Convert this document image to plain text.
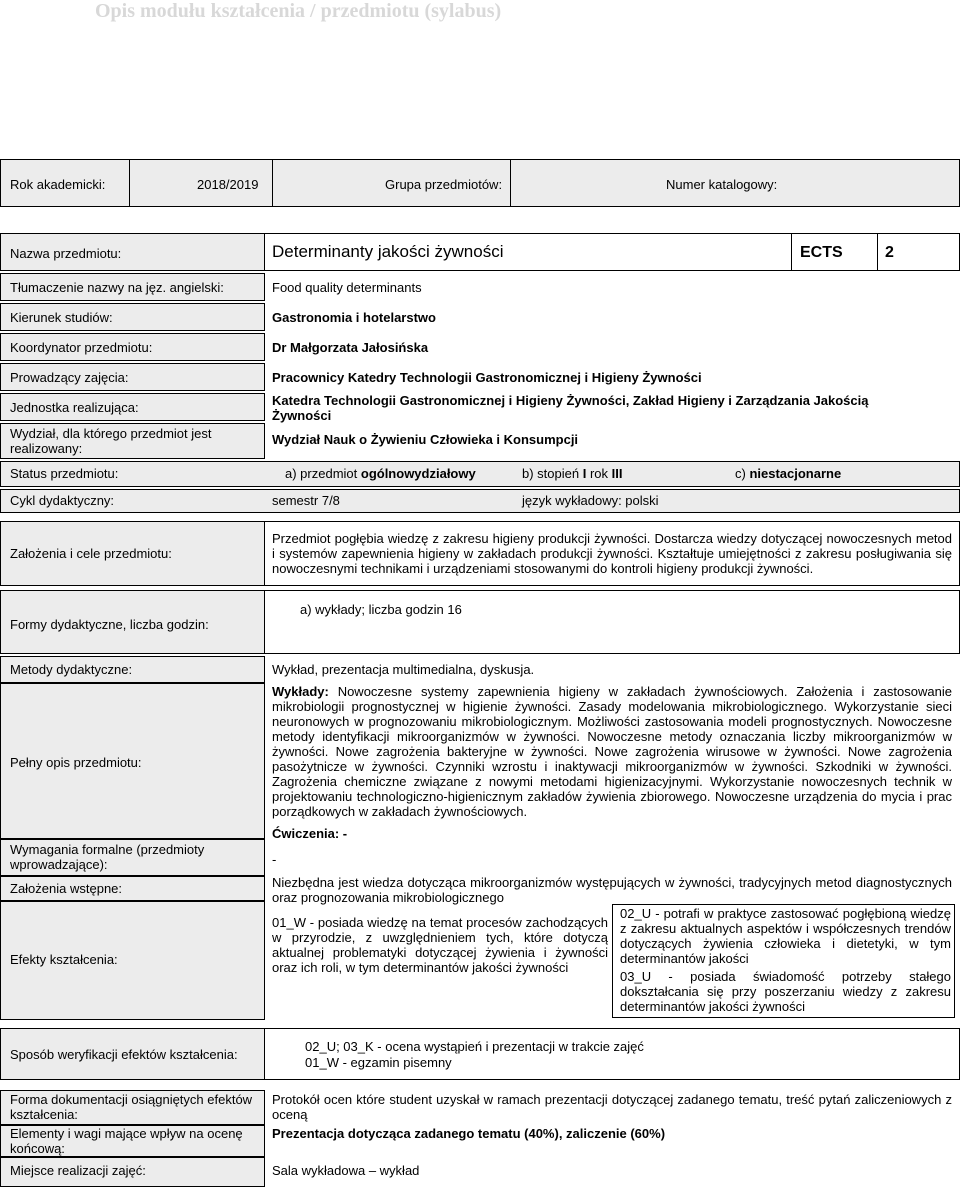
Opis modułu kształcenia / przedmiotu (sylabus)
Rok akademicki:	2018/2019	Grupa przedmiotów:	Numer katalogowy:
Nazwa przedmiotu:	Determinanty jakości żywności	ECTS	2
Tłumaczenie nazwy na jęz. angielski:	Food quality determinants
Kierunek studiów:	Gastronomia i hotelarstwo
Koordynator przedmiotu:	Dr Małgorzata Jałosińska
Prowadzący zajęcia:	Pracownicy Katedry Technologii Gastronomicznej i Higieny Żywności
Jednostka realizująca:	Katedra Technologii Gastronomicznej i Higieny Żywności, Zakład Higieny i Zarządzania Jakością
Żywności
Wydział, dla którego przedmiot jest
realizowany:
Wydział Nauk o Żywieniu Człowieka i Konsumpcji
Status przedmiotu:	a) przedmiot ogólnowydziałowy	b) stopień I rok III	c) niestacjonarne
Cykl dydaktyczny:	semestr 7/8	język wykładowy: polski
Założenia i cele przedmiotu:
Przedmiot pogłębia wiedzę z zakresu higieny produkcji żywności. Dostarcza wiedzy dotyczącej nowoczesnych metod i systemów zapewnienia higieny w zakładach produkcji żywności. Kształtuje umiejętności z zakresu posługiwania się nowoczesnymi technikami i urządzeniami stosowanymi do kontroli higieny produkcji żywności.
Formy dydaktyczne, liczba godzin:
a) wykłady; liczba godzin 16
Metody dydaktyczne:	Wykład, prezentacja multimedialna, dyskusja.
Pełny opis przedmiotu:
Wykłady: Nowoczesne systemy zapewnienia higieny w zakładach żywnościowych. Założenia i zastosowanie mikrobiologii prognostycznej w higienie żywności. Zasady modelowania mikrobiologicznego. Wykorzystanie sieci neuronowych w prognozowaniu mikrobiologicznym. Możliwości zastosowania modeli prognostycznych. Nowoczesne metody identyfikacji mikroorganizmów w żywności. Nowoczesne metody oznaczania liczby mikroorganizmów w żywności. Nowe zagrożenia bakteryjne w żywności. Nowe zagrożenia wirusowe w żywności. Nowe zagrożenia pasożytnicze w żywności. Czynniki wzrostu i inaktywacji mikroorganizmów w żywności. Szkodniki w żywności. Zagrożenia chemiczne związane z nowymi metodami higienizacyjnymi. Wykorzystanie nowoczesnych technik w projektowaniu technologiczno-higienicznym zakładów żywienia zbiorowego. Nowoczesne urządzenia do mycia i prac porządkowych w zakładach żywnościowych.
Ćwiczenia: -
Wymagania formalne (przedmioty wprowadzające):	-
Założenia wstępne:	Niezbędna jest wiedza dotycząca mikroorganizmów występujących w żywności, tradycyjnych metod diagnostycznych oraz prognozowania mikrobiologicznego
Efekty kształcenia:
01_W - posiada wiedzę na temat procesów zachodzących w przyrodzie, z uwzględnieniem tych, które dotyczą aktualnej problematyki dotyczącej żywienia i żywności oraz ich roli, w tym determinantów jakości żywności
02_U - potrafi w praktyce zastosować pogłębioną wiedzę z zakresu aktualnych aspektów i współczesnych trendów dotyczących żywienia człowieka i dietetyki, w tym determinantów jakości
03_U - posiada świadomość potrzeby stałego dokształcania się przy poszerzaniu wiedzy z zakresu determinantów jakości żywności
Sposób weryfikacji efektów kształcenia:
02_U; 03_K - ocena wystąpień i prezentacji w trakcie zajęć
01_W - egzamin pisemny
Forma dokumentacji osiągniętych efektów kształcenia:
Protokół ocen które student uzyskał w ramach prezentacji dotyczącej zadanego tematu, treść pytań zaliczeniowych z oceną
Elementy i wagi mające wpływ na ocenę końcową:
Prezentacja dotycząca zadanego tematu (40%), zaliczenie (60%)
Miejsce realizacji zajęć:	Sala wykładowa – wykład
